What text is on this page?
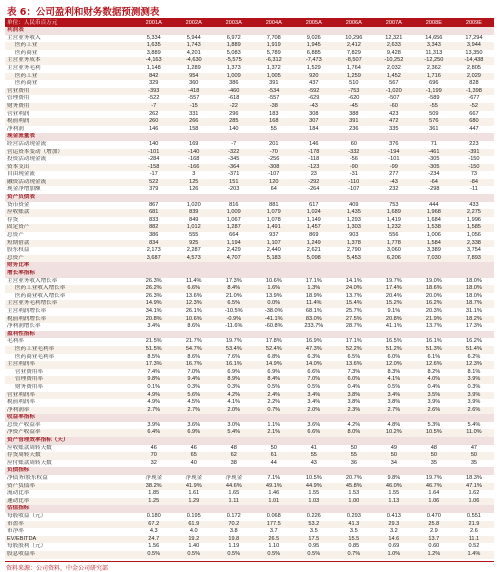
表 6：公司盈利和财务数据预测测表
单位：人民币百万元	2001A	2002A	2003A	2004A	2005A	2006A	2007A	2008E	2009E
利润表									
主营业务收入	5,334	5,944	6,972	7,708	9,026	10,296	12,321	14,656	17,294
医药工业	1,635	1,743	1,889	1,919	1,945	2,412	2,633	3,343	3,944
医药商业	3,889	4,201	5,083	5,789	6,885	7,829	9,428	11,313	13,350
主营业务成本	-4,163	-4,630	-5,575	-6,312	-7,473	-8,507	-10,252	-12,250	-14,438
主营业务毛利	1,148	1,289	1,373	1,372	1,529	1,764	2,032	2,362	2,805
医药工业	842	954	1,009	1,005	920	1,259	1,452	1,716	2,029
医药商业	329	360	386	391	437	510	567	696	828
营业费用	-393	-418	-460	-534	-592	-753	-1,020	-1,199	-1,398
管理费用	-522	-557	-618	-557	-629	-620	-507	-589	-677
财务费用	-7	-15	-22	-38	-43	-45	-60	-55	-52
营业利润	262	331	296	183	308	388	423	509	667
税前利润	260	266	285	168	307	391	472	576	680
净利润	146	158	140	55	184	236	335	361	447
现金流量表									
经营活动现金流	140	169	-7	201	146	60	376	71	223
营运资本变动（增加）	-101	-140	-322	-70	-178	-332	-194	-461	-391
投资活动现金流	-284	-168	-345	-256	-118	-56	-101	-305	-150
资本支出	-158	-166	-364	-308	-123	-90	-99	-305	-150
自由现金流	-17	3	-371	-107	23	-31	277	-234	73
融资活动现金流	522	125	151	120	-292	-110	-43	-64	-84
现金净增加额	379	126	-203	64	-264	-107	232	-298	-11
资产负债表									
货币资金	867	1,020	816	881	617	409	753	444	433
应收账款	681	839	1,009	1,079	1,024	1,435	1,689	1,968	2,275
存货	833	849	1,067	1,078	1,149	1,293	1,419	1,684	1,996
固定资产	882	1,012	1,287	1,491	1,457	1,303	1,232	1,538	1,585
总资产	386	555	664	937	869	903	556	1,006	1,056
短期借款	834	925	1,194	1,107	1,249	1,378	1,778	1,584	2,338
股东权益	2,173	2,287	2,429	2,440	2,621	2,790	3,060	3,389	3,754
总资产	3,687	4,573	4,707	5,183	5,098	5,453	6,206	7,030	7,893
财务比率									
增长率指标									
主营业务收入增长率	26.3%	11.4%	17.3%	10.6%	17.1%	14.1%	19.7%	19.0%	18.0%
医药工业收入增长率	26.2%	6.6%	8.4%	1.6%	1.3%	24.0%	17.4%	18.6%	18.0%
医药商业收入增长率	26.3%	13.6%	21.0%	13.9%	18.9%	13.7%	20.4%	20.0%	18.0%
主营业务毛利增长率	14.9%	12.3%	6.5%	0.0%	11.4%	15.4%	15.2%	16.2%	18.7%
主营利润增长率	34.1%	26.1%	-10.5%	-38.0%	68.1%	25.7%	9.1%	20.3%	31.1%
税前利润增长率	20.8%	10.6%	-0.9%	-41.1%	83.0%	27.5%	20.8%	21.9%	18.2%
净利润增长率	3.4%	8.6%	-11.6%	-60.8%	233.7%	28.7%	41.1%	13.7%	17.3%
盈利性指标									
毛利率	21.5%	21.7%	19.7%	17.8%	16.9%	17.1%	16.5%	16.1%	16.2%
医药工业毛利率	51.5%	54.7%	53.4%	52.4%	47.3%	52.2%	51.2%	51.3%	51.4%
医药商业毛利率	8.5%	8.6%	7.6%	6.8%	6.3%	6.5%	6.0%	6.1%	6.2%
主营利润率	17.3%	16.7%	16.1%	14.9%	14.0%	13.6%	12.0%	12.6%	12.3%
营业费用率	7.4%	7.0%	6.9%	6.9%	6.6%	7.3%	8.3%	8.2%	8.1%
管理费用率	9.8%	9.4%	8.9%	8.4%	7.0%	6.0%	4.1%	4.0%	3.9%
财务费用率	0.1%	0.3%	0.3%	0.5%	0.5%	0.4%	0.5%	0.4%	0.3%
营业利润率	4.9%	5.6%	4.2%	2.4%	3.4%	3.8%	3.4%	3.5%	3.9%
税前利润率	4.9%	4.5%	4.1%	2.2%	3.4%	3.8%	3.8%	3.9%	3.9%
净利润率	2.7%	2.7%	2.0%	0.7%	2.0%	2.3%	2.7%	2.6%	2.6%
收益率指标									
总资产收益率	3.9%	3.6%	3.0%	1.1%	3.6%	4.2%	4.8%	5.3%	5.4%
净资产收益率	6.4%	6.9%	5.4%	2.1%	6.6%	8.0%	10.2%	10.5%	11.0%
资产管理效率指标（天）									
应收账款周转天数	46	46	48	50	41	50	49	48	47
存货周转天数	70	65	62	61	55	55	50	50	50
应付账款周转天数	32	40	38	44	43	36	34	35	35
负债指标									
净债务/股东权益	净现金	净现金	净现金	7.1%	10.5%	20.7%	9.8%	19.7%	18.3%
资产负债率	38.2%	41.9%	44.6%	49.1%	44.9%	45.8%	46.0%	46.7%	47.1%
流动比率	1.85	1.61	1.65	1.46	1.55	1.53	1.55	1.64	1.62
速动比率	1.25	1.29	1.11	1.01	1.03	1.00	1.13	1.06	1.06
估值指标									
每股收益（元）	0.180	0.195	0.172	0.068	0.226	0.293	0.413	0.470	0.551
市盈率	67.2	61.9	70.2	177.5	53.2	41.3	29.3	25.8	21.9
市净率	4.3	4.0	3.8	3.7	3.5	3.5	3.2	2.9	2.6
EV/EBITDA	24.7	19.2	19.8	26.5	17.5	15.5	14.6	13.7	11.1
每股股利（元）	1.56	1.40	1.19	1.10	0.95	0.85	0.69	0.60	0.52
股息收益率	0.5%	0.5%	0.5%	0.5%	0.5%	0.7%	1.0%	1.2%	1.4%
资料来源：公司资料，中金公司研究部
